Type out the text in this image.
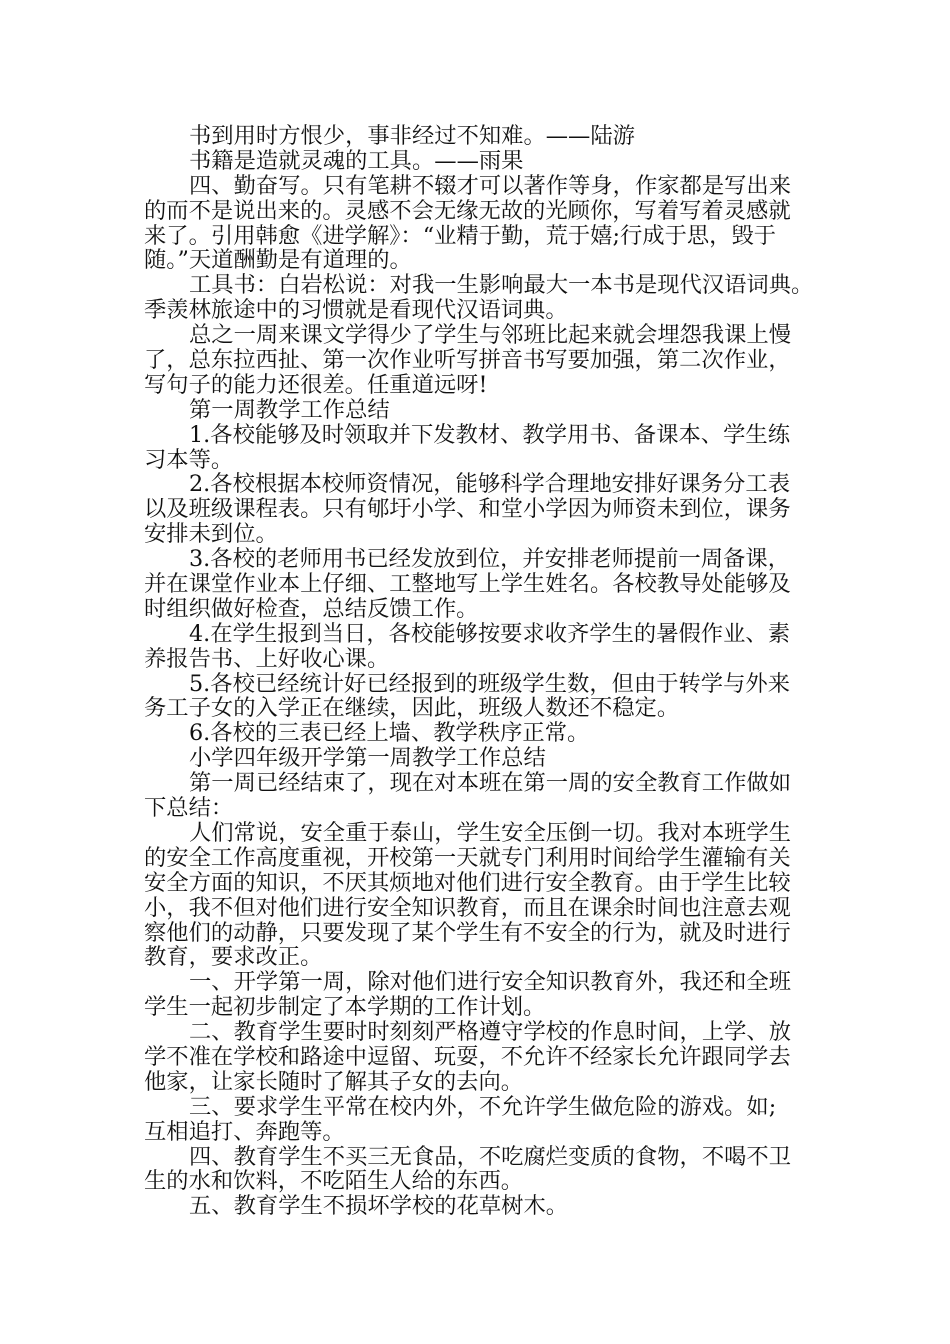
书到用时方恨少，事非经过不知难。——陆游
书籍是造就灵魂的工具。——雨果
四、勤奋写。只有笔耕不辍才可以著作等身，作家都是写出来
的而不是说出来的。灵感不会无缘无故的光顾你，写着写着灵感就
来了。引用韩愈《进学解》：“业精于勤，荒于嬉;行成于思，毁于
随。”天道酬勤是有道理的。
工具书：白岩松说：对我一生影响最大一本书是现代汉语词典。
季羡林旅途中的习惯就是看现代汉语词典。
总之一周来课文学得少了学生与邻班比起来就会埋怨我课上慢
了，总东拉西扯、第一次作业听写拼音书写要加强，第二次作业，
写句子的能力还很差。任重道远呀!
第一周教学工作总结
1.各校能够及时领取并下发教材、教学用书、备课本、学生练
习本等。
2.各校根据本校师资情况，能够科学合理地安排好课务分工表
以及班级课程表。只有郇圩小学、和堂小学因为师资未到位，课务
安排未到位。
3.各校的老师用书已经发放到位，并安排老师提前一周备课，
并在课堂作业本上仔细、工整地写上学生姓名。各校教导处能够及
时组织做好检查，总结反馈工作。
4.在学生报到当日，各校能够按要求收齐学生的暑假作业、素
养报告书、上好收心课。
5.各校已经统计好已经报到的班级学生数，但由于转学与外来
务工子女的入学正在继续，因此，班级人数还不稳定。
6.各校的三表已经上墙、教学秩序正常。
小学四年级开学第一周教学工作总结
第一周已经结束了，现在对本班在第一周的安全教育工作做如
下总结：
人们常说，安全重于泰山，学生安全压倒一切。我对本班学生
的安全工作高度重视，开校第一天就专门利用时间给学生灌输有关
安全方面的知识，不厌其烦地对他们进行安全教育。由于学生比较
小，我不但对他们进行安全知识教育，而且在课余时间也注意去观
察他们的动静，只要发现了某个学生有不安全的行为，就及时进行
教育，要求改正。
一、开学第一周，除对他们进行安全知识教育外，我还和全班
学生一起初步制定了本学期的工作计划。
二、教育学生要时时刻刻严格遵守学校的作息时间，上学、放
学不准在学校和路途中逗留、玩耍，不允许不经家长允许跟同学去
他家，让家长随时了解其子女的去向。
三、要求学生平常在校内外，不允许学生做危险的游戏。如;
互相追打、奔跑等。
四、教育学生不买三无食品，不吃腐烂变质的食物，不喝不卫
生的水和饮料，不吃陌生人给的东西。
五、教育学生不损坏学校的花草树木。
